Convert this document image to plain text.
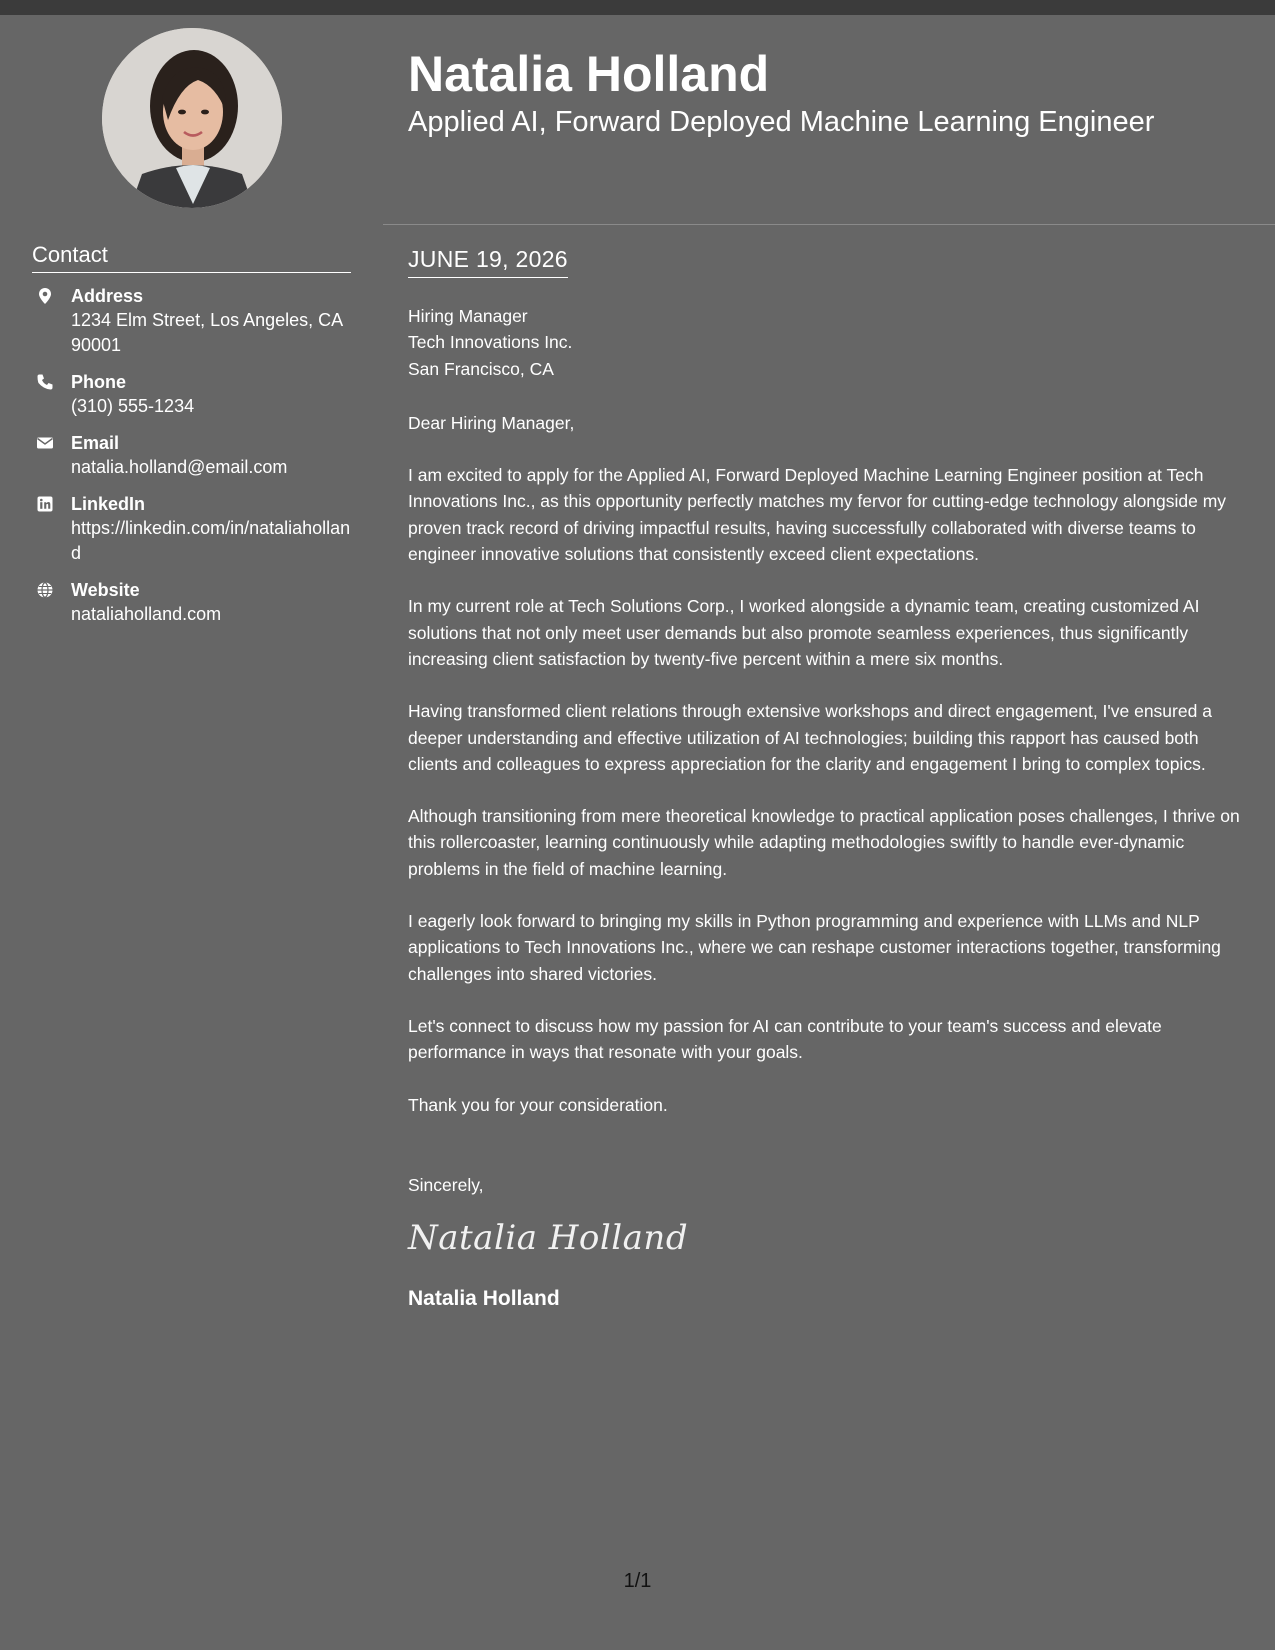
Contact
Address
1234 Elm Street, Los Angeles, CA 90001
Phone
(310) 555-1234
Email
natalia.holland@email.com
LinkedIn
https://linkedin.com/in/nataliaholland
Website
nataliaholland.com
Natalia Holland
Applied AI, Forward Deployed Machine Learning Engineer
JUNE 19, 2026

Hiring Manager

Tech Innovations Inc.

San Francisco, CA

Dear Hiring Manager,

I am excited to apply for the Applied AI, Forward Deployed Machine Learning Engineer position at Tech Innovations Inc., as this opportunity perfectly matches my fervor for cutting-edge technology alongside my proven track record of driving impactful results, having successfully collaborated with diverse teams to engineer innovative solutions that consistently exceed client expectations.

In my current role at Tech Solutions Corp., I worked alongside a dynamic team, creating customized AI solutions that not only meet user demands but also promote seamless experiences, thus significantly increasing client satisfaction by twenty-five percent within a mere six months.

Having transformed client relations through extensive workshops and direct engagement, I've ensured a deeper understanding and effective utilization of AI technologies; building this rapport has caused both clients and colleagues to express appreciation for the clarity and engagement I bring to complex topics.

Although transitioning from mere theoretical knowledge to practical application poses challenges, I thrive on this rollercoaster, learning continuously while adapting methodologies swiftly to handle ever-dynamic problems in the field of machine learning.

I eagerly look forward to bringing my skills in Python programming and experience with LLMs and NLP applications to Tech Innovations Inc., where we can reshape customer interactions together, transforming challenges into shared victories.

Let's connect to discuss how my passion for AI can contribute to your team's success and elevate performance in ways that resonate with your goals.

Thank you for your consideration.

Sincerely,
Natalia Holland
Natalia Holland
1/1
